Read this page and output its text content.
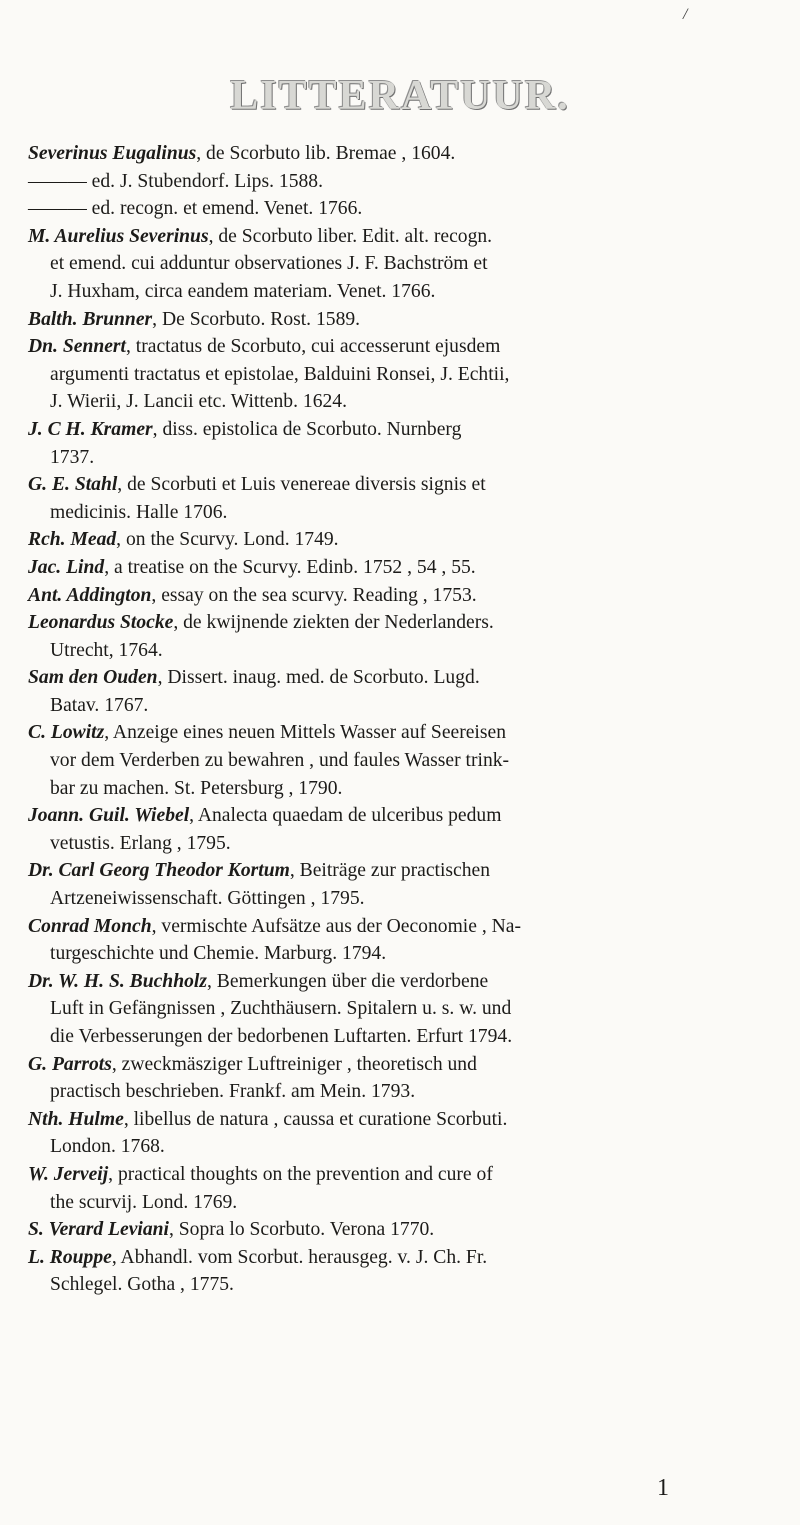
/
LITTERATUUR.
Severinus Eugalinus, de Scorbuto lib. Bremae , 1604.
——— ed. J. Stubendorf. Lips. 1588.
——— ed. recogn. et emend. Venet. 1766.
M. Aurelius Severinus, de Scorbuto liber. Edit. alt. recogn.
et emend. cui adduntur observationes J. F. Bachström et
J. Huxham, circa eandem materiam. Venet. 1766.
Balth. Brunner, De Scorbuto. Rost. 1589.
Dn. Sennert, tractatus de Scorbuto, cui accesserunt ejusdem
argumenti tractatus et epistolae, Balduini Ronsei, J. Echtii,
J. Wierii, J. Lancii etc. Wittenb. 1624.
J. C H. Kramer, diss. epistolica de Scorbuto. Nurnberg
1737.
G. E. Stahl, de Scorbuti et Luis venereae diversis signis et
medicinis. Halle 1706.
Rch. Mead, on the Scurvy. Lond. 1749.
Jac. Lind, a treatise on the Scurvy. Edinb. 1752 , 54 , 55.
Ant. Addington, essay on the sea scurvy. Reading , 1753.
Leonardus Stocke, de kwijnende ziekten der Nederlanders.
Utrecht, 1764.
Sam den Ouden, Dissert. inaug. med. de Scorbuto. Lugd.
Batav. 1767.
C. Lowitz, Anzeige eines neuen Mittels Wasser auf Seereisen
vor dem Verderben zu bewahren , und faules Wasser trink-
bar zu machen. St. Petersburg , 1790.
Joann. Guil. Wiebel, Analecta quaedam de ulceribus pedum
vetustis. Erlang , 1795.
Dr. Carl Georg Theodor Kortum, Beiträge zur practischen
Artzeneiwissenschaft. Göttingen , 1795.
Conrad Monch, vermischte Aufsätze aus der Oeconomie , Na-
turgeschichte und Chemie. Marburg. 1794.
Dr. W. H. S. Buchholz, Bemerkungen über die verdorbene
Luft in Gefängnissen , Zuchthäusern. Spitalern u. s. w. und
die Verbesserungen der bedorbenen Luftarten. Erfurt 1794.
G. Parrots, zweckmäsziger Luftreiniger , theoretisch und
practisch beschrieben. Frankf. am Mein. 1793.
Nth. Hulme, libellus de natura , caussa et curatione Scorbuti.
London. 1768.
W. Jerveij, practical thoughts on the prevention and cure of
the scurvij. Lond. 1769.
S. Verard Leviani, Sopra lo Scorbuto. Verona 1770.
L. Rouppe, Abhandl. vom Scorbut. herausgeg. v. J. Ch. Fr.
Schlegel. Gotha , 1775.
1
